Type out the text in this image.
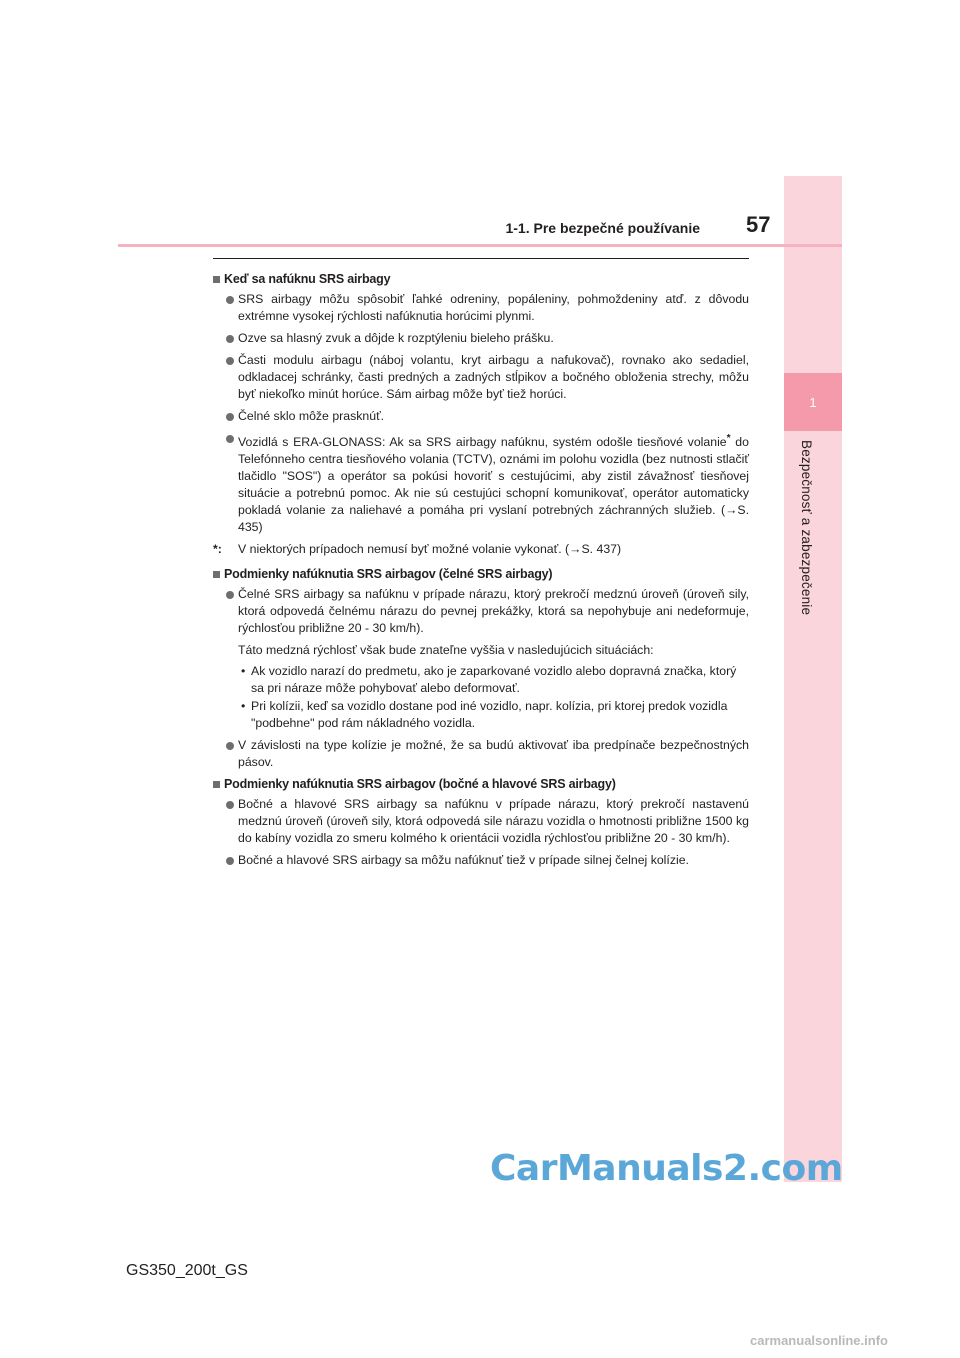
1
Bezpečnosť a zabezpečenie
1-1. Pre bezpečné používanie 57
Keď sa nafúknu SRS airbagy
SRS airbagy môžu spôsobiť ľahké odreniny, popáleniny, pohmoždeniny atď. z dôvodu extrémne vysokej rýchlosti nafúknutia horúcimi plynmi.
Ozve sa hlasný zvuk a dôjde k rozptýleniu bieleho prášku.
Časti modulu airbagu (náboj volantu, kryt airbagu a nafukovač), rovnako ako sedadiel, odkladacej schránky, časti predných a zadných stĺpikov a bočného obloženia strechy, môžu byť niekoľko minút horúce. Sám airbag môže byť tiež horúci.
Čelné sklo môže prasknúť.
Vozidlá s ERA-GLONASS: Ak sa SRS airbagy nafúknu, systém odošle tiesňové volanie* do Telefónneho centra tiesňového volania (TCTV), oznámi im polohu vozidla (bez nutnosti stlačiť tlačidlo "SOS") a operátor sa pokúsi hovoriť s cestujúcimi, aby zistil závažnosť tiesňovej situácie a potrebnú pomoc. Ak nie sú cestujúci schopní komunikovať, operátor automaticky pokladá volanie za naliehavé a pomáha pri vyslaní potrebných záchranných služieb. (→S. 435)
*: V niektorých prípadoch nemusí byť možné volanie vykonať. (→S. 437)
Podmienky nafúknutia SRS airbagov (čelné SRS airbagy)
Čelné SRS airbagy sa nafúknu v prípade nárazu, ktorý prekročí medznú úroveň (úroveň sily, ktorá odpovedá čelnému nárazu do pevnej prekážky, ktorá sa nepohybuje ani nedeformuje, rýchlosťou približne 20 - 30 km/h).
Táto medzná rýchlosť však bude znateľne vyššia v nasledujúcich situáciách:
• Ak vozidlo narazí do predmetu, ako je zaparkované vozidlo alebo dopravná značka, ktorý sa pri náraze môže pohybovať alebo deformovať.
• Pri kolízii, keď sa vozidlo dostane pod iné vozidlo, napr. kolízia, pri ktorej predok vozidla "podbehne" pod rám nákladného vozidla.
V závislosti na type kolízie je možné, že sa budú aktivovať iba predpínače bezpečnostných pásov.
Podmienky nafúknutia SRS airbagov (bočné a hlavové SRS airbagy)
Bočné a hlavové SRS airbagy sa nafúknu v prípade nárazu, ktorý prekročí nastavenú medznú úroveň (úroveň sily, ktorá odpovedá sile nárazu vozidla o hmotnosti približne 1500 kg do kabíny vozidla zo smeru kolmého k orientácii vozidla rýchlosťou približne 20 - 30 km/h).
Bočné a hlavové SRS airbagy sa môžu nafúknuť tiež v prípade silnej čelnej kolízie.
CarManuals2.com
GS350_200t_GS
carmanualsonline.info
